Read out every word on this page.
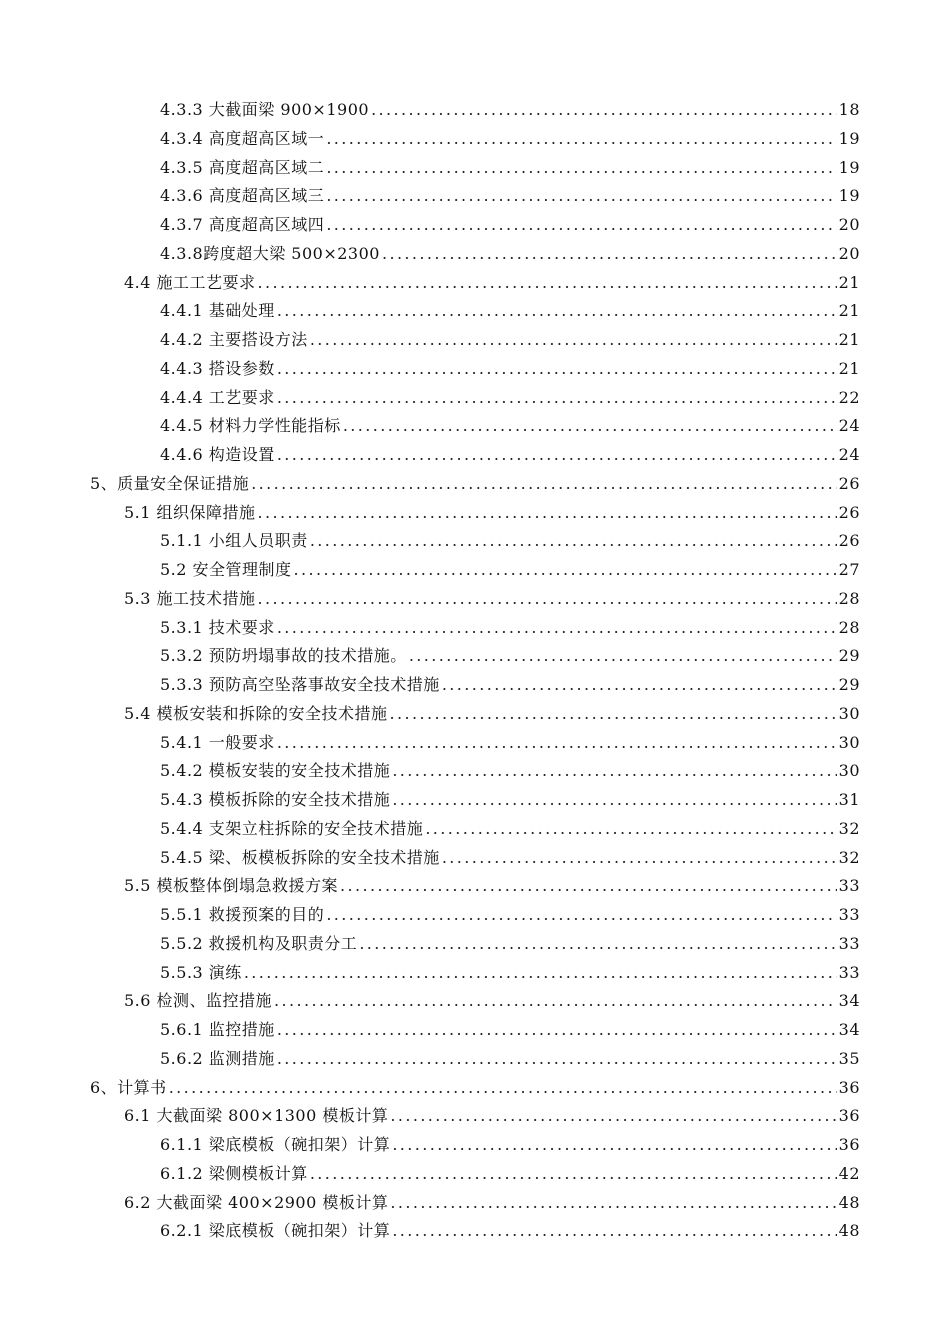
4.3.3 大截面梁 900×1900 .....	18
4.3.4 高度超高区域一 .....	19
4.3.5 高度超高区域二 .....	19
4.3.6 高度超高区域三 .....	19
4.3.7 高度超高区域四 .....	20
4.3.8跨度超大梁 500×2300 .....	20
4.4 施工工艺要求 .....	21
4.4.1 基础处理 .....	21
4.4.2 主要搭设方法 .....	21
4.4.3 搭设参数 .....	21
4.4.4 工艺要求 .....	22
4.4.5 材料力学性能指标 .....	24
4.4.6 构造设置 .....	24
5、质量安全保证措施 .....	26
5.1 组织保障措施 .....	26
5.1.1 小组人员职责 .....	26
5.2 安全管理制度 .....	27
5.3 施工技术措施 .....	28
5.3.1 技术要求 .....	28
5.3.2 预防坍塌事故的技术措施。 .....	29
5.3.3 预防高空坠落事故安全技术措施 .....	29
5.4 模板安装和拆除的安全技术措施 .....	30
5.4.1 一般要求 .....	30
5.4.2 模板安装的安全技术措施 .....	30
5.4.3 模板拆除的安全技术措施 .....	31
5.4.4 支架立柱拆除的安全技术措施 .....	32
5.4.5 梁、板模板拆除的安全技术措施 .....	32
5.5 模板整体倒塌急救援方案 .....	33
5.5.1 救援预案的目的 .....	33
5.5.2 救援机构及职责分工 .....	33
5.5.3 演练 .....	33
5.6 检测、监控措施 .....	34
5.6.1 监控措施 .....	34
5.6.2 监测措施 .....	35
6、计算书 .....	36
6.1 大截面梁 800×1300 模板计算 .....	36
6.1.1 梁底模板（碗扣架）计算 .....	36
6.1.2 梁侧模板计算 .....	42
6.2 大截面梁 400×2900 模板计算 .....	48
6.2.1 梁底模板（碗扣架）计算 .....	48
